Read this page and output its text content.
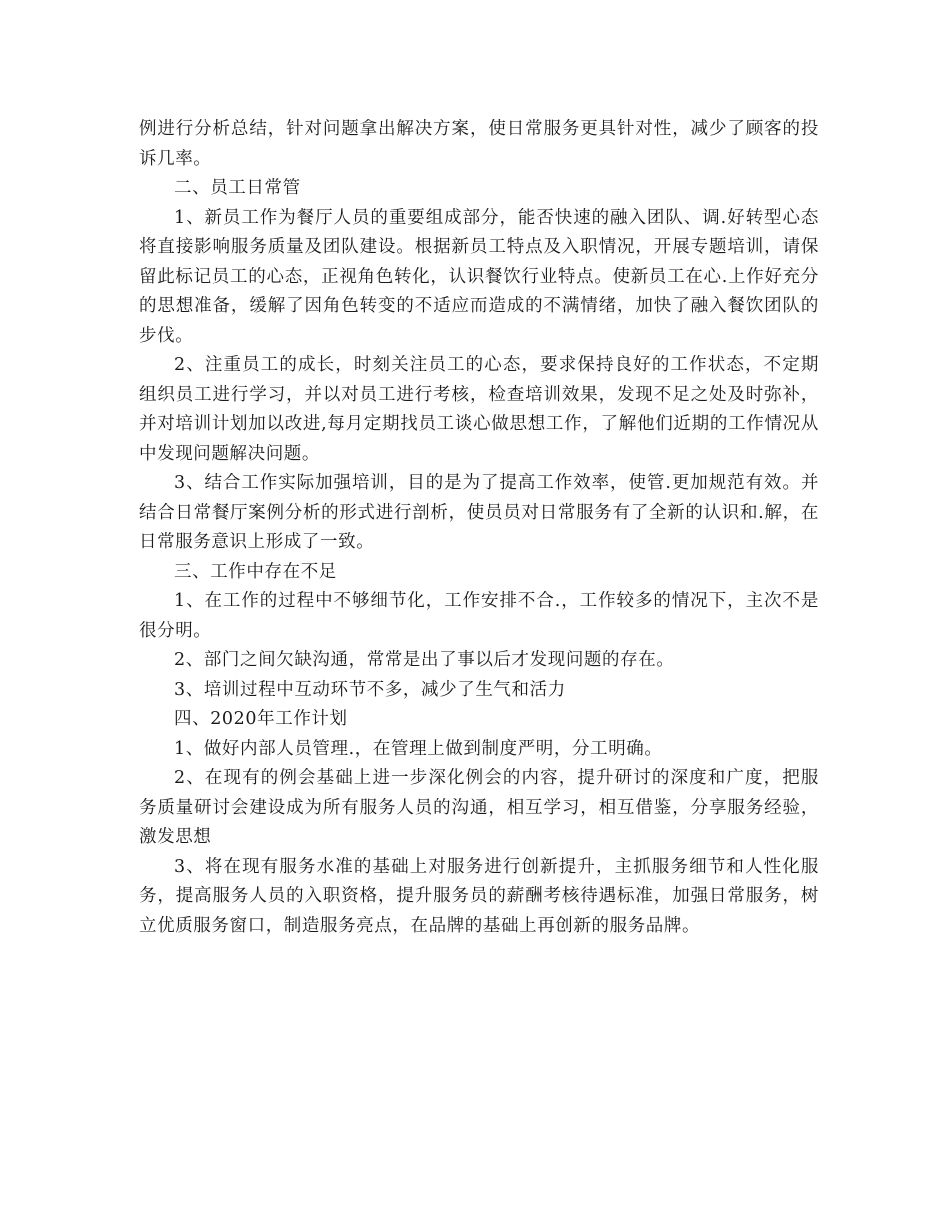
例进行分析总结，针对问题拿出解决方案，使日常服务更具针对性，减少了顾客的投诉几率。

二、员工日常管

1、新员工作为餐厅人员的重要组成部分，能否快速的融入团队、调.好转型心态将直接影响服务质量及团队建设。根据新员工特点及入职情况，开展专题培训，请保留此标记员工的心态，正视角色转化，认识餐饮行业特点。使新员工在心.上作好充分的思想准备，缓解了因角色转变的不适应而造成的不满情绪，加快了融入餐饮团队的步伐。

2、注重员工的成长，时刻关注员工的心态，要求保持良好的工作状态，不定期组织员工进行学习，并以对员工进行考核，检查培训效果，发现不足之处及时弥补，并对培训计划加以改进,每月定期找员工谈心做思想工作，了解他们近期的工作情况从中发现问题解决问题。

3、结合工作实际加强培训，目的是为了提高工作效率，使管.更加规范有效。并结合日常餐厅案例分析的形式进行剖析，使员员对日常服务有了全新的认识和.解，在日常服务意识上形成了一致。

三、工作中存在不足

1、在工作的过程中不够细节化，工作安排不合.，工作较多的情况下，主次不是很分明。

2、部门之间欠缺沟通，常常是出了事以后才发现问题的存在。

3、培训过程中互动环节不多，减少了生气和活力

四、2020年工作计划

1、做好内部人员管理.，在管理上做到制度严明，分工明确。

2、在现有的例会基础上进一步深化例会的内容，提升研讨的深度和广度，把服务质量研讨会建设成为所有服务人员的沟通，相互学习，相互借鉴，分享服务经验，激发思想

3、将在现有服务水准的基础上对服务进行创新提升，主抓服务细节和人性化服务，提高服务人员的入职资格，提升服务员的薪酬考核待遇标准，加强日常服务，树立优质服务窗口，制造服务亮点，在品牌的基础上再创新的服务品牌。
